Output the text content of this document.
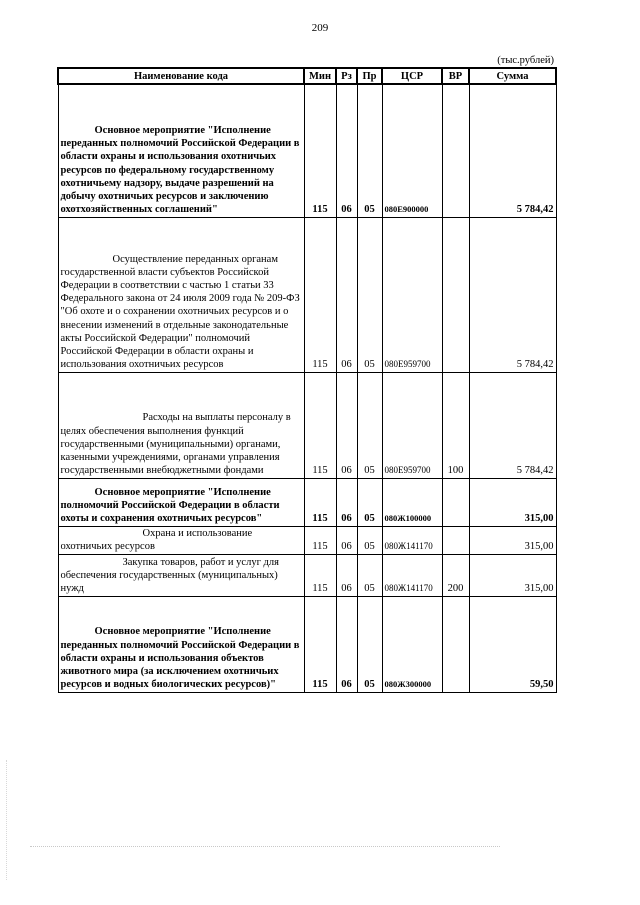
209
(тыс.рублей)
Наименование кода	Мин	Рз	Пр	ЦСР	ВР	Сумма

Основное мероприятие "Исполнение переданных полномочий Российской Федерации в области охраны и использования охотничьих ресурсов по федеральному государственному охотничьему надзору, выдаче разрешений на добычу охотничьих ресурсов и заключению охотхозяйственных соглашений"	115	06	05	080Е900000		5 784,42

Осуществление переданных органам государственной власти субъектов Российской Федерации в соответствии с частью 1 статьи 33 Федерального закона от 24 июля 2009 года № 209-ФЗ "Об охоте и о сохранении охотничьих ресурсов и о внесении изменений в отдельные законодательные акты Российской Федерации" полномочий Российской Федерации в области охраны и использования охотничьих ресурсов	115	06	05	080Е959700		5 784,42

Расходы на выплаты персоналу в целях обеспечения выполнения функций государственными (муниципальными) органами, казенными учреждениями, органами управления государственными внебюджетными фондами	115	06	05	080Е959700	100	5 784,42

Основное мероприятие "Исполнение полномочий Российской Федерации в области охоты и сохранения охотничьих ресурсов"	115	06	05	080Ж100000		315,00

Охрана и использование охотничьих ресурсов	115	06	05	080Ж141170		315,00

Закупка товаров, работ и услуг для обеспечения государственных (муниципальных) нужд	115	06	05	080Ж141170	200	315,00

Основное мероприятие "Исполнение переданных полномочий Российской Федерации в области охраны и использования объектов животного мира (за исключением охотничьих ресурсов и водных биологических ресурсов)"	115	06	05	080Ж300000		59,50
